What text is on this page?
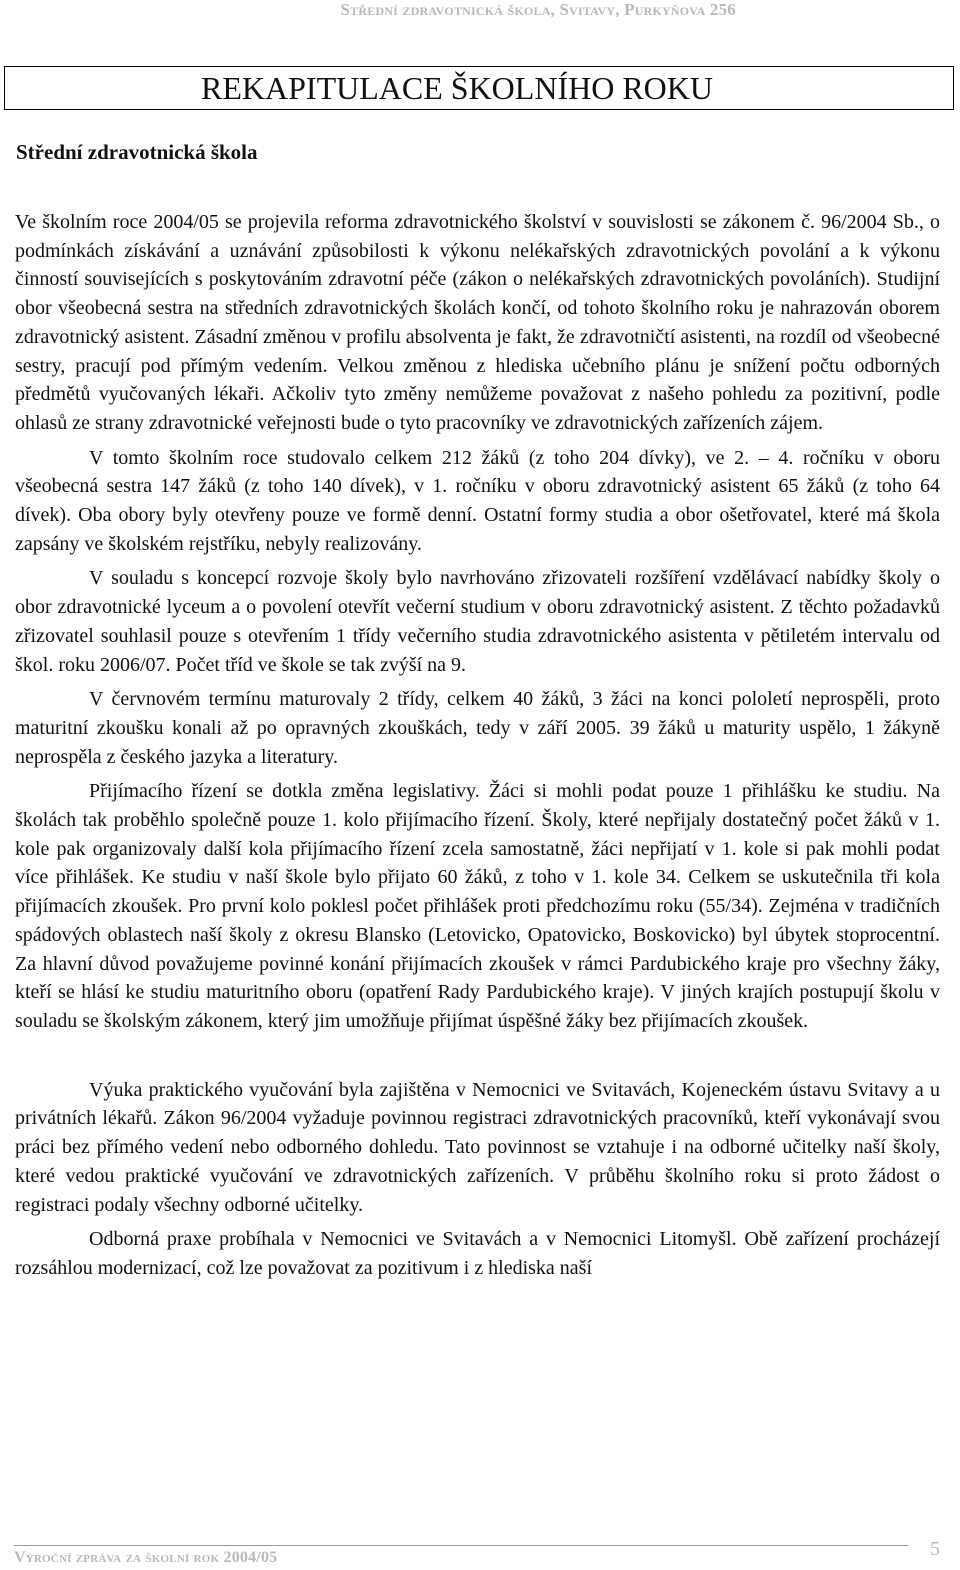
Střední zdravotnická škola, Svitavy, Purkyňova 256
REKAPITULACE ŠKOLNÍHO ROKU
Střední zdravotnická škola

Ve školním roce 2004/05 se projevila reforma zdravotnického školství v souvislosti se zákonem č. 96/2004 Sb., o podmínkách získávání a uznávání způsobilosti k výkonu nelékařských zdravotnických povolání a k výkonu činností souvisejících s poskytováním zdravotní péče (zákon o nelékařských zdravotnických povoláních). Studijní obor všeobecná sestra na středních zdravotnických školách končí, od tohoto školního roku je nahrazován oborem zdravotnický asistent. Zásadní změnou v profilu absolventa je fakt, že zdravotničtí asistenti, na rozdíl od všeobecné sestry, pracují pod přímým vedením. Velkou změnou z hlediska učebního plánu je snížení počtu odborných předmětů vyučovaných lékaři. Ačkoliv tyto změny nemůžeme považovat z našeho pohledu za pozitivní, podle ohlasů ze strany zdravotnické veřejnosti bude o tyto pracovníky ve zdravotnických zařízeních zájem.

V tomto školním roce studovalo celkem 212 žáků (z toho 204 dívky), ve 2. – 4. ročníku v oboru všeobecná sestra 147 žáků (z toho 140 dívek), v 1. ročníku v oboru zdravotnický asistent 65 žáků (z toho 64 dívek). Oba obory byly otevřeny pouze ve formě denní. Ostatní formy studia a obor ošetřovatel, které má škola zapsány ve školském rejstříku, nebyly realizovány.

V souladu s koncepcí rozvoje školy bylo navrhováno zřizovateli rozšíření vzdělávací nabídky školy o obor zdravotnické lyceum a o povolení otevřít večerní studium v oboru zdravotnický asistent. Z těchto požadavků zřizovatel souhlasil pouze s otevřením 1 třídy večerního studia zdravotnického asistenta v pětiletém intervalu od škol. roku 2006/07. Počet tříd ve škole se tak zvýší na 9.

V červnovém termínu maturovaly 2 třídy, celkem 40 žáků, 3 žáci na konci pololetí neprospěli, proto maturitní zkoušku konali až po opravných zkouškách, tedy v září 2005. 39 žáků u maturity uspělo, 1 žákyně neprospěla z českého jazyka a literatury.

Přijímacího řízení se dotkla změna legislativy. Žáci si mohli podat pouze 1 přihlášku ke studiu. Na školách tak proběhlo společně pouze 1. kolo přijímacího řízení. Školy, které nepřijaly dostatečný počet žáků v 1. kole pak organizovaly další kola přijímacího řízení zcela samostatně, žáci nepřijatí v 1. kole si pak mohli podat více přihlášek. Ke studiu v naší škole bylo přijato 60 žáků, z toho v 1. kole 34. Celkem se uskutečnila tři kola přijímacích zkoušek. Pro první kolo poklesl počet přihlášek proti předchozímu roku (55/34). Zejména v tradičních spádových oblastech naší školy z okresu Blansko (Letovicko, Opatovicko, Boskovicko) byl úbytek stoprocentní. Za hlavní důvod považujeme povinné konání přijímacích zkoušek v rámci Pardubického kraje pro všechny žáky, kteří se hlásí ke studiu maturitního oboru (opatření Rady Pardubického kraje). V jiných krajích postupují školu v souladu se školským zákonem, který jim umožňuje přijímat úspěšné žáky bez přijímacích zkoušek.

Výuka praktického vyučování byla zajištěna v Nemocnici ve Svitavách, Kojeneckém ústavu Svitavy a u privátních lékařů. Zákon 96/2004 vyžaduje povinnou registraci zdravotnických pracovníků, kteří vykonávají svou práci bez přímého vedení nebo odborného dohledu. Tato povinnost se vztahuje i na odborné učitelky naší školy, které vedou praktické vyučování ve zdravotnických zařízeních. V průběhu školního roku si proto žádost o registraci podaly všechny odborné učitelky.

Odborná praxe probíhala v Nemocnici ve Svitavách a v Nemocnici Litomyšl. Obě zařízení procházejí rozsáhlou modernizací, což lze považovat za pozitivum i z hlediska naší

Výroční zpráva za školní rok 2004/05	5
